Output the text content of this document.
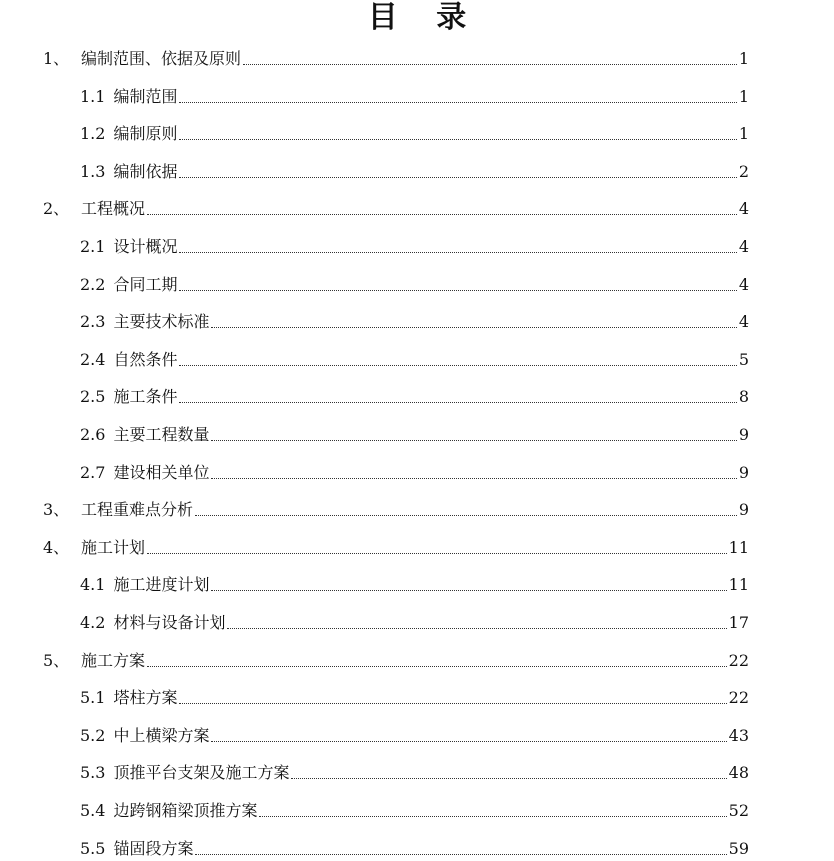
目 录
1、 编制范围、依据及原则	1
1.1 编制范围	1
1.2 编制原则	1
1.3 编制依据	2
2、 工程概况	4
2.1 设计概况	4
2.2 合同工期	4
2.3 主要技术标准	4
2.4 自然条件	5
2.5 施工条件	8
2.6 主要工程数量	9
2.7 建设相关单位	9
3、 工程重难点分析	9
4、 施工计划	11
4.1 施工进度计划	11
4.2 材料与设备计划	17
5、 施工方案	22
5.1 塔柱方案	22
5.2 中上横梁方案	43
5.3 顶推平台支架及施工方案	48
5.4 边跨钢箱梁顶推方案	52
5.5 锚固段方案	59
